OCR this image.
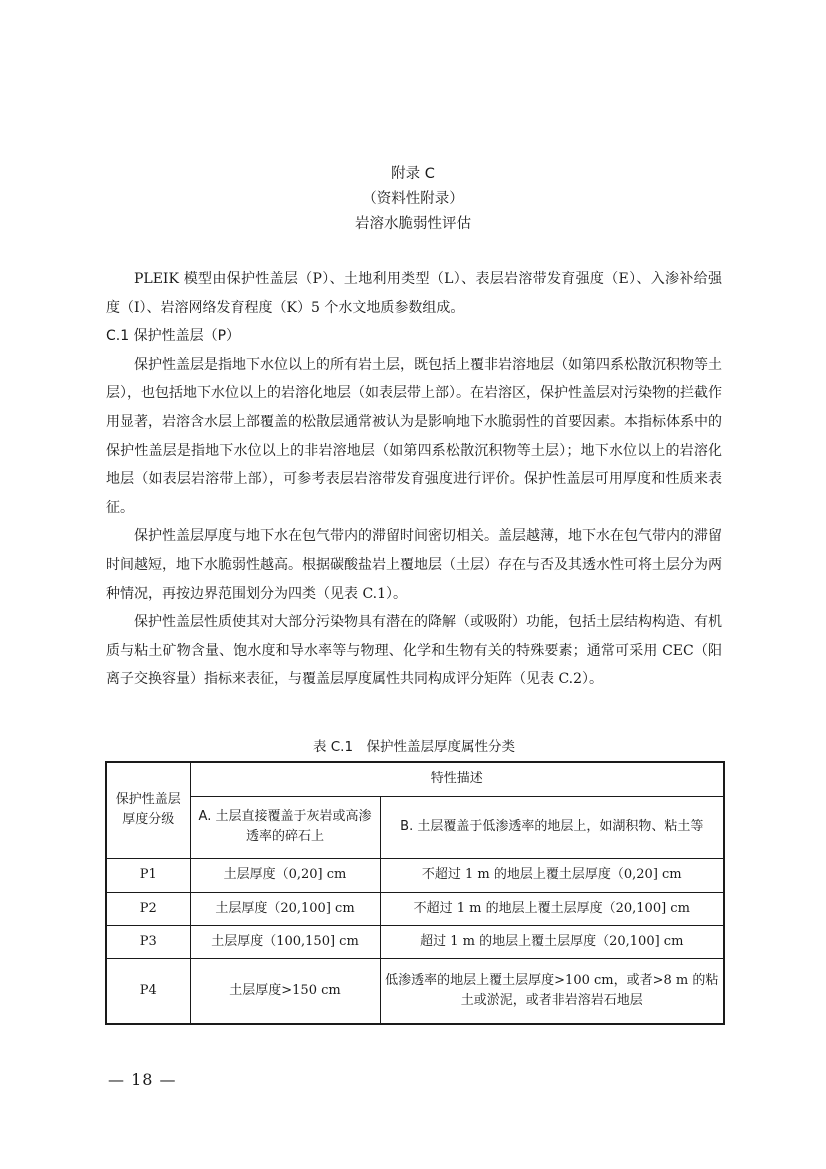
附录 C
（资料性附录）
岩溶水脆弱性评估

PLEIK 模型由保护性盖层（P）、土地利用类型（L）、表层岩溶带发育强度（E）、入渗补给强度（I）、岩溶网络发育程度（K）5 个水文地质参数组成。

C.1 保护性盖层（P）

保护性盖层是指地下水位以上的所有岩土层，既包括上覆非岩溶地层（如第四系松散沉积物等土层），也包括地下水位以上的岩溶化地层（如表层带上部）。在岩溶区，保护性盖层对污染物的拦截作用显著，岩溶含水层上部覆盖的松散层通常被认为是影响地下水脆弱性的首要因素。本指标体系中的保护性盖层是指地下水位以上的非岩溶地层（如第四系松散沉积物等土层）；地下水位以上的岩溶化地层（如表层岩溶带上部），可参考表层岩溶带发育强度进行评价。保护性盖层可用厚度和性质来表征。

保护性盖层厚度与地下水在包气带内的滞留时间密切相关。盖层越薄，地下水在包气带内的滞留时间越短，地下水脆弱性越高。根据碳酸盐岩上覆地层（土层）存在与否及其透水性可将土层分为两种情况，再按边界范围划分为四类（见表 C.1）。

保护性盖层性质使其对大部分污染物具有潜在的降解（或吸附）功能，包括土层结构构造、有机质与粘土矿物含量、饱水度和导水率等与物理、化学和生物有关的特殊要素；通常可采用 CEC（阳离子交换容量）指标来表征，与覆盖层厚度属性共同构成评分矩阵（见表 C.2）。

表 C.1　保护性盖层厚度属性分类
保护性盖层厚度分级	特性描述	
	A. 土层直接覆盖于灰岩或高渗透率的碎石上	B. 土层覆盖于低渗透率的地层上，如湖积物、粘土等
P1	土层厚度（0,20] cm	不超过 1 m 的地层上覆土层厚度（0,20] cm
P2	土层厚度（20,100] cm	不超过 1 m 的地层上覆土层厚度（20,100] cm
P3	土层厚度（100,150] cm	超过 1 m 的地层上覆土层厚度（20,100] cm
P4	土层厚度>150 cm	低渗透率的地层上覆土层厚度>100 cm，或者>8 m 的粘土或淤泥，或者非岩溶岩石地层
— 18 —
